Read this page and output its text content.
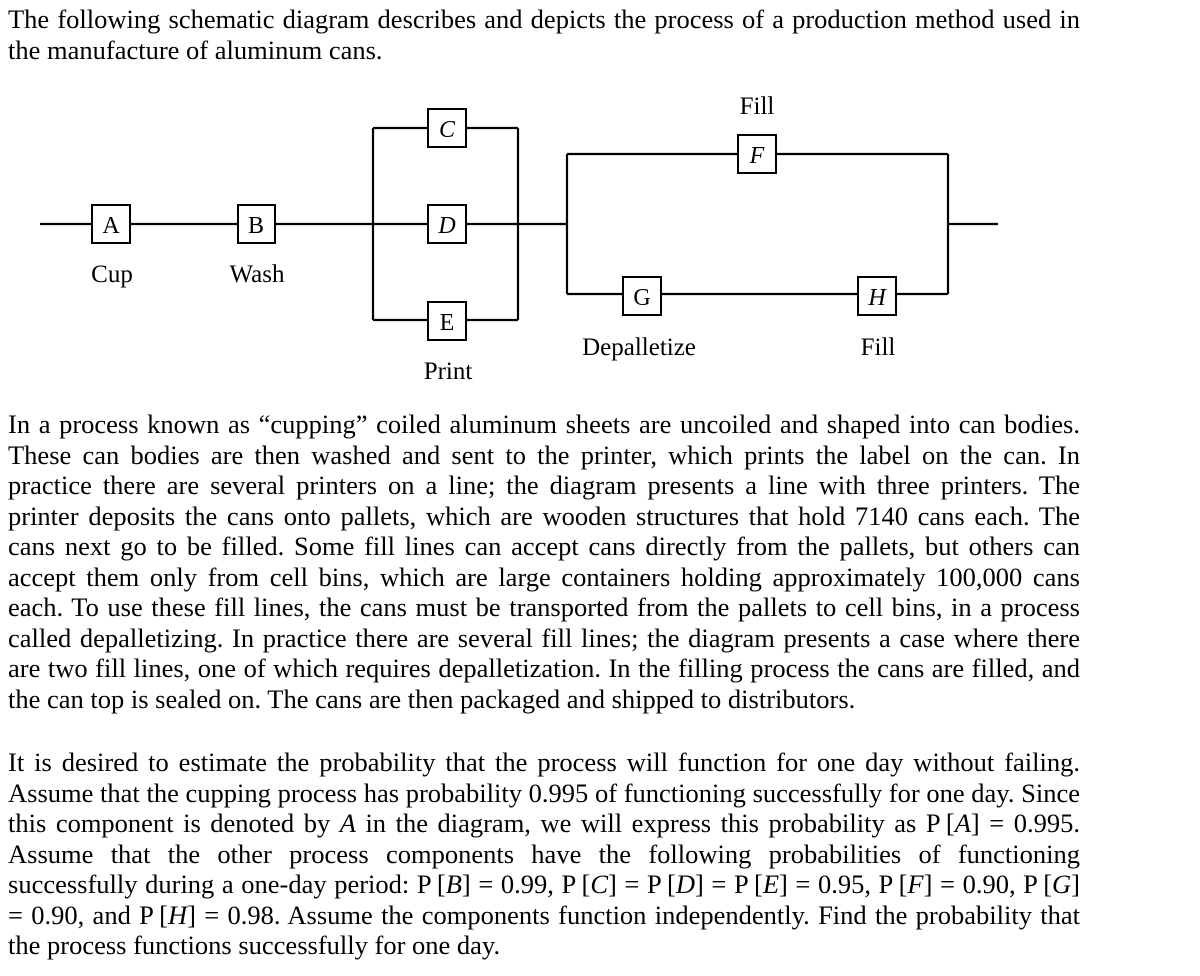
The following schematic diagram describes and depicts the process of a production method used in the manufacture of aluminum cans.

A
Cup
B
Wash
C
D
E
Print
Fill
F
G
Depalletize
H
Fill

In a process known as “cupping” coiled aluminum sheets are uncoiled and shaped into can bodies. These can bodies are then washed and sent to the printer, which prints the label on the can. In practice there are several printers on a line; the diagram presents a line with three printers. The printer deposits the cans onto pallets, which are wooden structures that hold 7140 cans each. The cans next go to be filled. Some fill lines can accept cans directly from the pallets, but others can accept them only from cell bins, which are large containers holding approximately 100,000 cans each. To use these fill lines, the cans must be transported from the pallets to cell bins, in a process called depalletizing. In practice there are several fill lines; the diagram presents a case where there are two fill lines, one of which requires depalletization. In the filling process the cans are filled, and the can top is sealed on. The cans are then packaged and shipped to distributors.

It is desired to estimate the probability that the process will function for one day without failing. Assume that the cupping process has probability 0.995 of functioning successfully for one day. Since this component is denoted by A in the diagram, we will express this probability as P [A] = 0.995. Assume that the other process components have the following probabilities of functioning successfully during a one-day period: P [B] = 0.99, P [C] = P [D] = P [E] = 0.95, P [F] = 0.90, P [G] = 0.90, and P [H] = 0.98. Assume the components function independently. Find the probability that the process functions successfully for one day.
